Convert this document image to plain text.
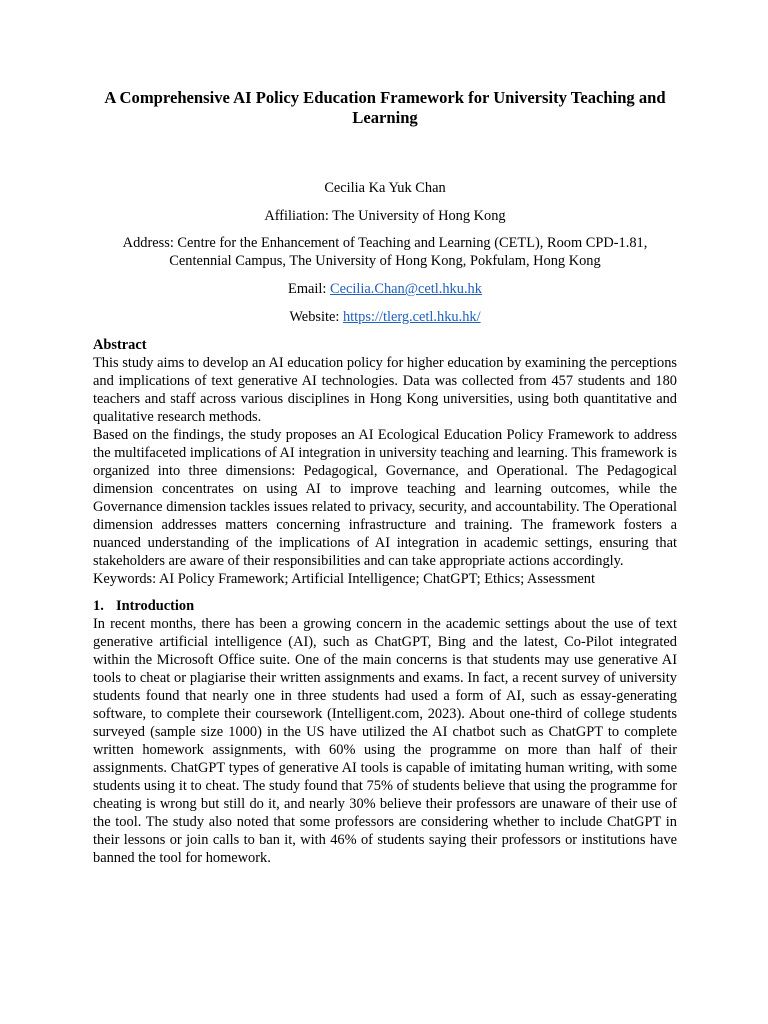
A Comprehensive AI Policy Education Framework for University Teaching and Learning

Cecilia Ka Yuk Chan

Affiliation: The University of Hong Kong

Address: Centre for the Enhancement of Teaching and Learning (CETL), Room CPD-1.81, Centennial Campus, The University of Hong Kong, Pokfulam, Hong Kong

Email: Cecilia.Chan@cetl.hku.hk

Website: https://tlerg.cetl.hku.hk/

Abstract

This study aims to develop an AI education policy for higher education by examining the perceptions and implications of text generative AI technologies. Data was collected from 457 students and 180 teachers and staff across various disciplines in Hong Kong universities, using both quantitative and qualitative research methods.

Based on the findings, the study proposes an AI Ecological Education Policy Framework to address the multifaceted implications of AI integration in university teaching and learning. This framework is organized into three dimensions: Pedagogical, Governance, and Operational. The Pedagogical dimension concentrates on using AI to improve teaching and learning outcomes, while the Governance dimension tackles issues related to privacy, security, and accountability. The Operational dimension addresses matters concerning infrastructure and training. The framework fosters a nuanced understanding of the implications of AI integration in academic settings, ensuring that stakeholders are aware of their responsibilities and can take appropriate actions accordingly.

Keywords: AI Policy Framework; Artificial Intelligence; ChatGPT; Ethics; Assessment

1. Introduction

In recent months, there has been a growing concern in the academic settings about the use of text generative artificial intelligence (AI), such as ChatGPT, Bing and the latest, Co-Pilot integrated within the Microsoft Office suite. One of the main concerns is that students may use generative AI tools to cheat or plagiarise their written assignments and exams. In fact, a recent survey of university students found that nearly one in three students had used a form of AI, such as essay-generating software, to complete their coursework (Intelligent.com, 2023). About one-third of college students surveyed (sample size 1000) in the US have utilized the AI chatbot such as ChatGPT to complete written homework assignments, with 60% using the programme on more than half of their assignments. ChatGPT types of generative AI tools is capable of imitating human writing, with some students using it to cheat. The study found that 75% of students believe that using the programme for cheating is wrong but still do it, and nearly 30% believe their professors are unaware of their use of the tool. The study also noted that some professors are considering whether to include ChatGPT in their lessons or join calls to ban it, with 46% of students saying their professors or institutions have banned the tool for homework.
